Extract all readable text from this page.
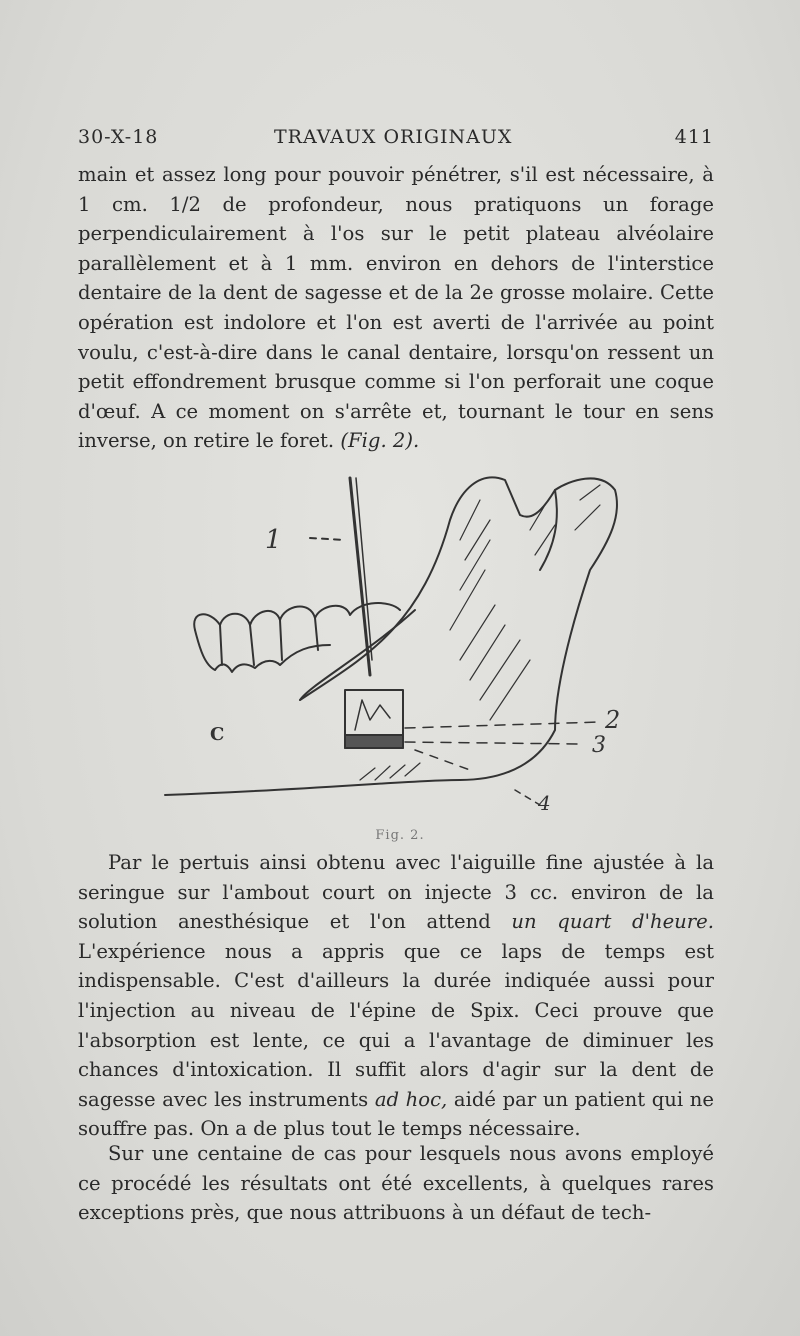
30-X-18	TRAVAUX ORIGINAUX	411

main et assez long pour pouvoir pénétrer, s'il est nécessaire, à 1 cm. 1/2 de profondeur, nous pratiquons un forage perpendiculairement à l'os sur le petit plateau alvéolaire parallèlement et à 1 mm. environ en dehors de l'interstice dentaire de la dent de sagesse et de la 2e grosse molaire. Cette opération est indolore et l'on est averti de l'arrivée au point voulu, c'est-à-dire dans le canal dentaire, lorsqu'on ressent un petit effondrement brusque comme si l'on perforait une coque d'œuf. A ce moment on s'arrête et, tournant le tour en sens inverse, on retire le foret. (Fig. 2).

1
2
3
4
C
Fig. 2.

Par le pertuis ainsi obtenu avec l'aiguille fine ajustée à la seringue sur l'ambout court on injecte 3 cc. environ de la solution anesthésique et l'on attend un quart d'heure. L'expérience nous a appris que ce laps de temps est indispensable. C'est d'ailleurs la durée indiquée aussi pour l'injection au niveau de l'épine de Spix. Ceci prouve que l'absorption est lente, ce qui a l'avantage de diminuer les chances d'intoxication. Il suffit alors d'agir sur la dent de sagesse avec les instruments ad hoc, aidé par un patient qui ne souffre pas. On a de plus tout le temps nécessaire.

Sur une centaine de cas pour lesquels nous avons employé ce procédé les résultats ont été excellents, à quelques rares exceptions près, que nous attribuons à un défaut de tech-
